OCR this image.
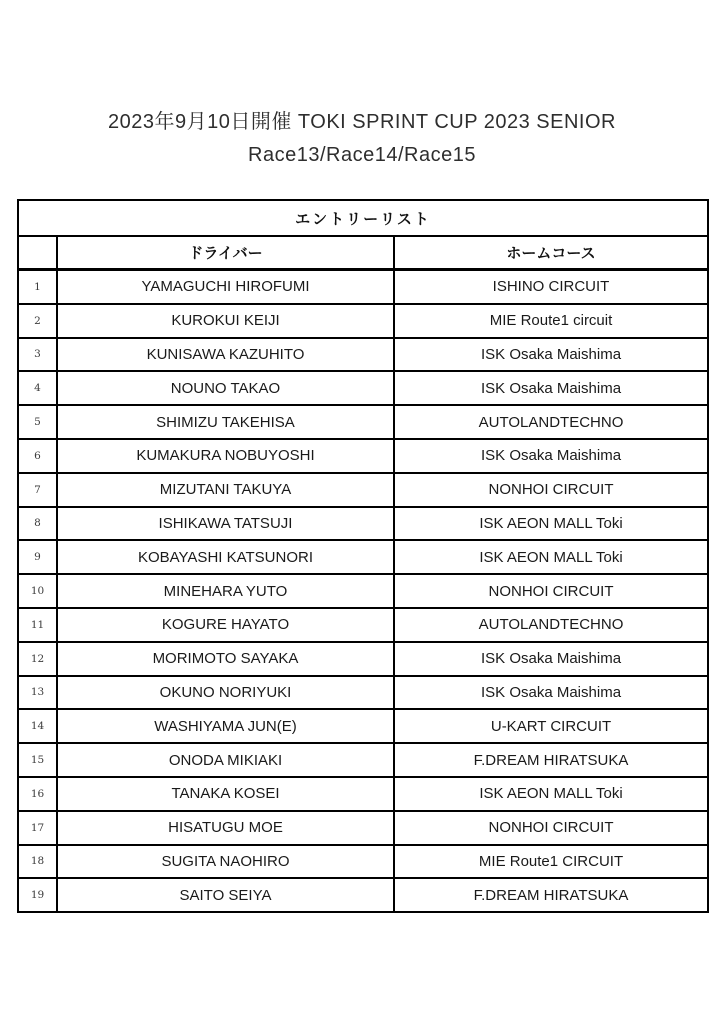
2023年9月10日開催 TOKI SPRINT CUP 2023 SENIOR
Race13/Race14/Race15
エントリーリスト		
	ドライバー	ホームコース
1	YAMAGUCHI HIROFUMI	ISHINO CIRCUIT
2	KUROKUI KEIJI	MIE Route1 circuit
3	KUNISAWA KAZUHITO	ISK Osaka Maishima
4	NOUNO TAKAO	ISK Osaka Maishima
5	SHIMIZU TAKEHISA	AUTOLANDTECHNO
6	KUMAKURA NOBUYOSHI	ISK Osaka Maishima
7	MIZUTANI TAKUYA	NONHOI CIRCUIT
8	ISHIKAWA TATSUJI	ISK AEON MALL Toki
9	KOBAYASHI KATSUNORI	ISK AEON MALL Toki
10	MINEHARA YUTO	NONHOI CIRCUIT
11	KOGURE HAYATO	AUTOLANDTECHNO
12	MORIMOTO SAYAKA	ISK Osaka Maishima
13	OKUNO NORIYUKI	ISK Osaka Maishima
14	WASHIYAMA JUN(E)	U-KART CIRCUIT
15	ONODA MIKIAKI	F.DREAM HIRATSUKA
16	TANAKA KOSEI	ISK AEON MALL Toki
17	HISATUGU MOE	NONHOI CIRCUIT
18	SUGITA NAOHIRO	MIE Route1 CIRCUIT
19	SAITO SEIYA	F.DREAM HIRATSUKA
